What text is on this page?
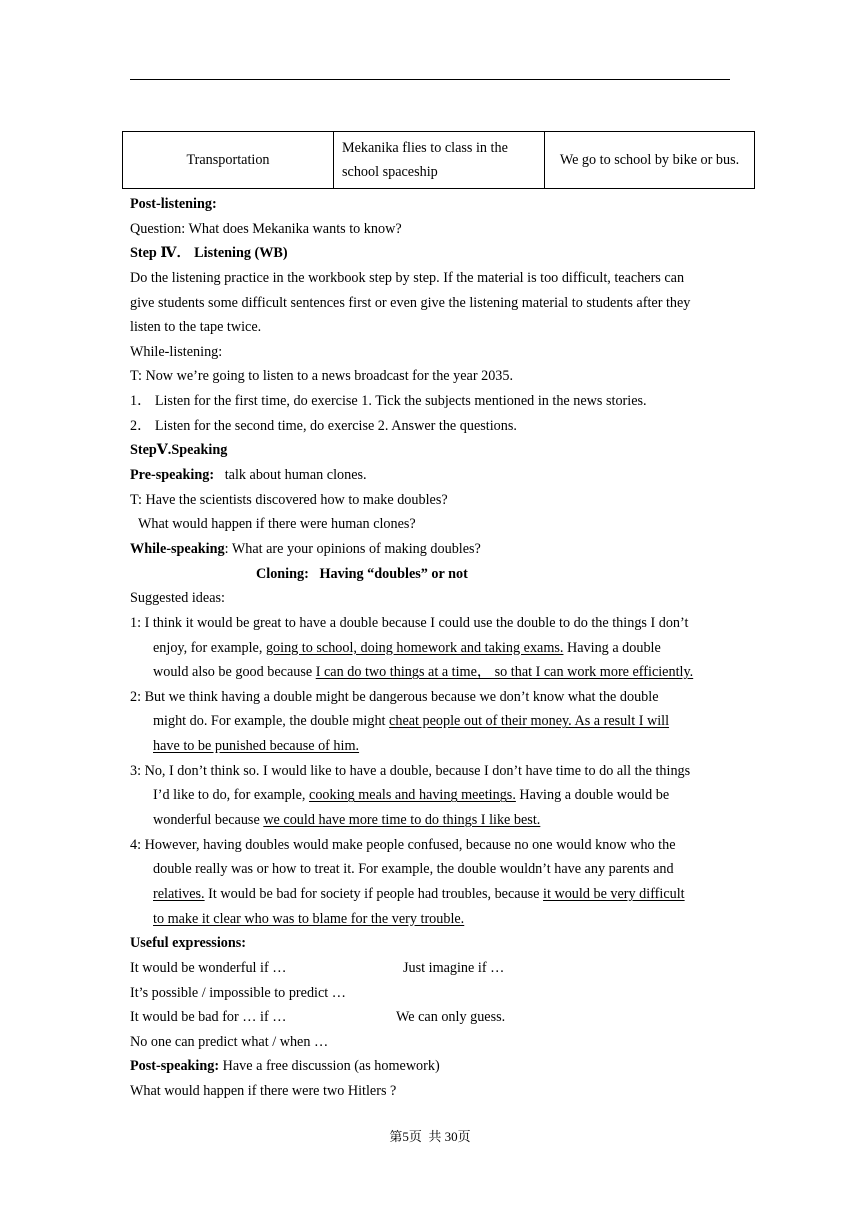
Transportation	Mekanika flies to class in the school spaceship	We go to school by bike or bus.
Post-listening:
Question: What does Mekanika wants to know?
Step Ⅳ． Listening (WB)
Do the listening practice in the workbook step by step. If the material is too difficult, teachers can
give students some difficult sentences first or even give the listening material to students after they
listen to the tape twice.
While-listening:
T: Now we’re going to listen to a news broadcast for the year 2035.
1． Listen for the first time, do exercise 1. Tick the subjects mentioned in the news stories.
2． Listen for the second time, do exercise 2. Answer the questions.
StepⅤ.Speaking
Pre-speaking:   talk about human clones.
T: Have the scientists discovered how to make doubles?
What would happen if there were human clones?
While-speaking: What are your opinions of making doubles?
Cloning:   Having “doubles” or not
Suggested ideas:
1: I think it would be great to have a double because I could use the double to do the things I don’t
enjoy, for example, going to school, doing homework and taking exams. Having a double
would also be good because I can do two things at a time， so that I can work more efficiently.
2: But we think having a double might be dangerous because we don’t know what the double
might do. For example, the double might cheat people out of their money. As a result I will
have to be punished because of him.
3: No, I don’t think so. I would like to have a double, because I don’t have time to do all the things
I’d like to do, for example, cooking meals and having meetings. Having a double would be
wonderful because we could have more time to do things I like best.
4: However, having doubles would make people confused, because no one would know who the
double really was or how to treat it. For example, the double wouldn’t have any parents and
relatives. It would be bad for society if people had troubles, because it would be very difficult
to make it clear who was to blame for the very trouble.
Useful expressions:
It would be wonderful if …	Just imagine if …
It’s possible / impossible to predict …
It would be bad for … if …	We can only guess.
No one can predict what / when …
Post-speaking: Have a free discussion (as homework)
What would happen if there were two Hitlers ?
第5页  共 30页
